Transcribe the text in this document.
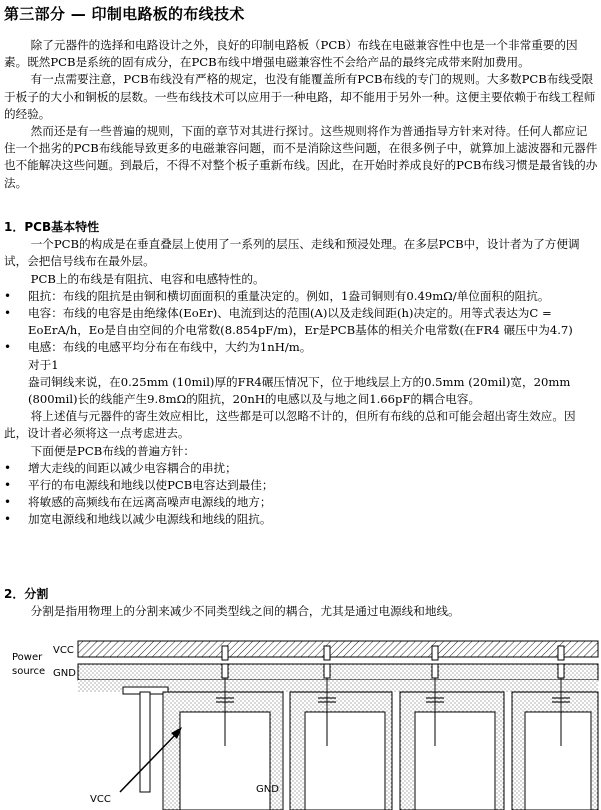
第三部分 — 印制电路板的布线技术

除了元器件的选择和电路设计之外，良好的印制电路板（PCB）布线在电磁兼容性中也是一个非常重要的因素。既然PCB是系统的固有成分，在PCB布线中增强电磁兼容性不会给产品的最终完成带来附加费用。

有一点需要注意，PCB布线没有严格的规定，也没有能覆盖所有PCB布线的专门的规则。大多数PCB布线受限于板子的大小和铜板的层数。一些布线技术可以应用于一种电路，却不能用于另外一种。这便主要依赖于布线工程师的经验。

然而还是有一些普遍的规则，下面的章节对其进行探讨。这些规则将作为普通指导方针来对待。任何人都应记住一个拙劣的PCB布线能导致更多的电磁兼容问题，而不是消除这些问题，在很多例子中，就算加上滤波器和元器件也不能解决这些问题。到最后，不得不对整个板子重新布线。因此，在开始时养成良好的PCB布线习惯是最省钱的办法。

1．PCB基本特性

一个PCB的构成是在垂直叠层上使用了一系列的层压、走线和预浸处理。在多层PCB中，设计者为了方便调试，会把信号线布在最外层。

PCB上的布线是有阻抗、电容和电感特性的。

• 阻抗：布线的阻抗是由铜和横切面面积的重量决定的。例如，1盎司铜则有0.49mΩ/单位面积的阻抗。
• 电容：布线的电容是由绝缘体(EoEr)、电流到达的范围(A)以及走线间距(h)决定的。用等式表达为C = EoErA/h，Eo是自由空间的介电常数(8.854pF/m)，Er是PCB基体的相关介电常数(在FR4 碾压中为4.7)
• 电感：布线的电感平均分布在布线中，大约为1nH/m。

对于1

盎司铜线来说，在0.25mm (10mil)厚的FR4碾压情况下，位于地线层上方的0.5mm (20mil)宽，20mm (800mil)长的线能产生9.8mΩ的阻抗，20nH的电感以及与地之间1.66pF的耦合电容。

将上述值与元器件的寄生效应相比，这些都是可以忽略不计的，但所有布线的总和可能会超出寄生效应。因此，设计者必须将这一点考虑进去。

下面便是PCB布线的普遍方针：

• 增大走线的间距以减少电容耦合的串扰；
• 平行的布电源线和地线以使PCB电容达到最佳；
• 将敏感的高频线布在远离高噪声电源线的地方；
• 加宽电源线和地线以减少电源线和地线的阻抗。

2．分割

分割是指用物理上的分割来减少不同类型线之间的耦合，尤其是通过电源线和地线。

Power
source
VCC
GND
VCC
GND
